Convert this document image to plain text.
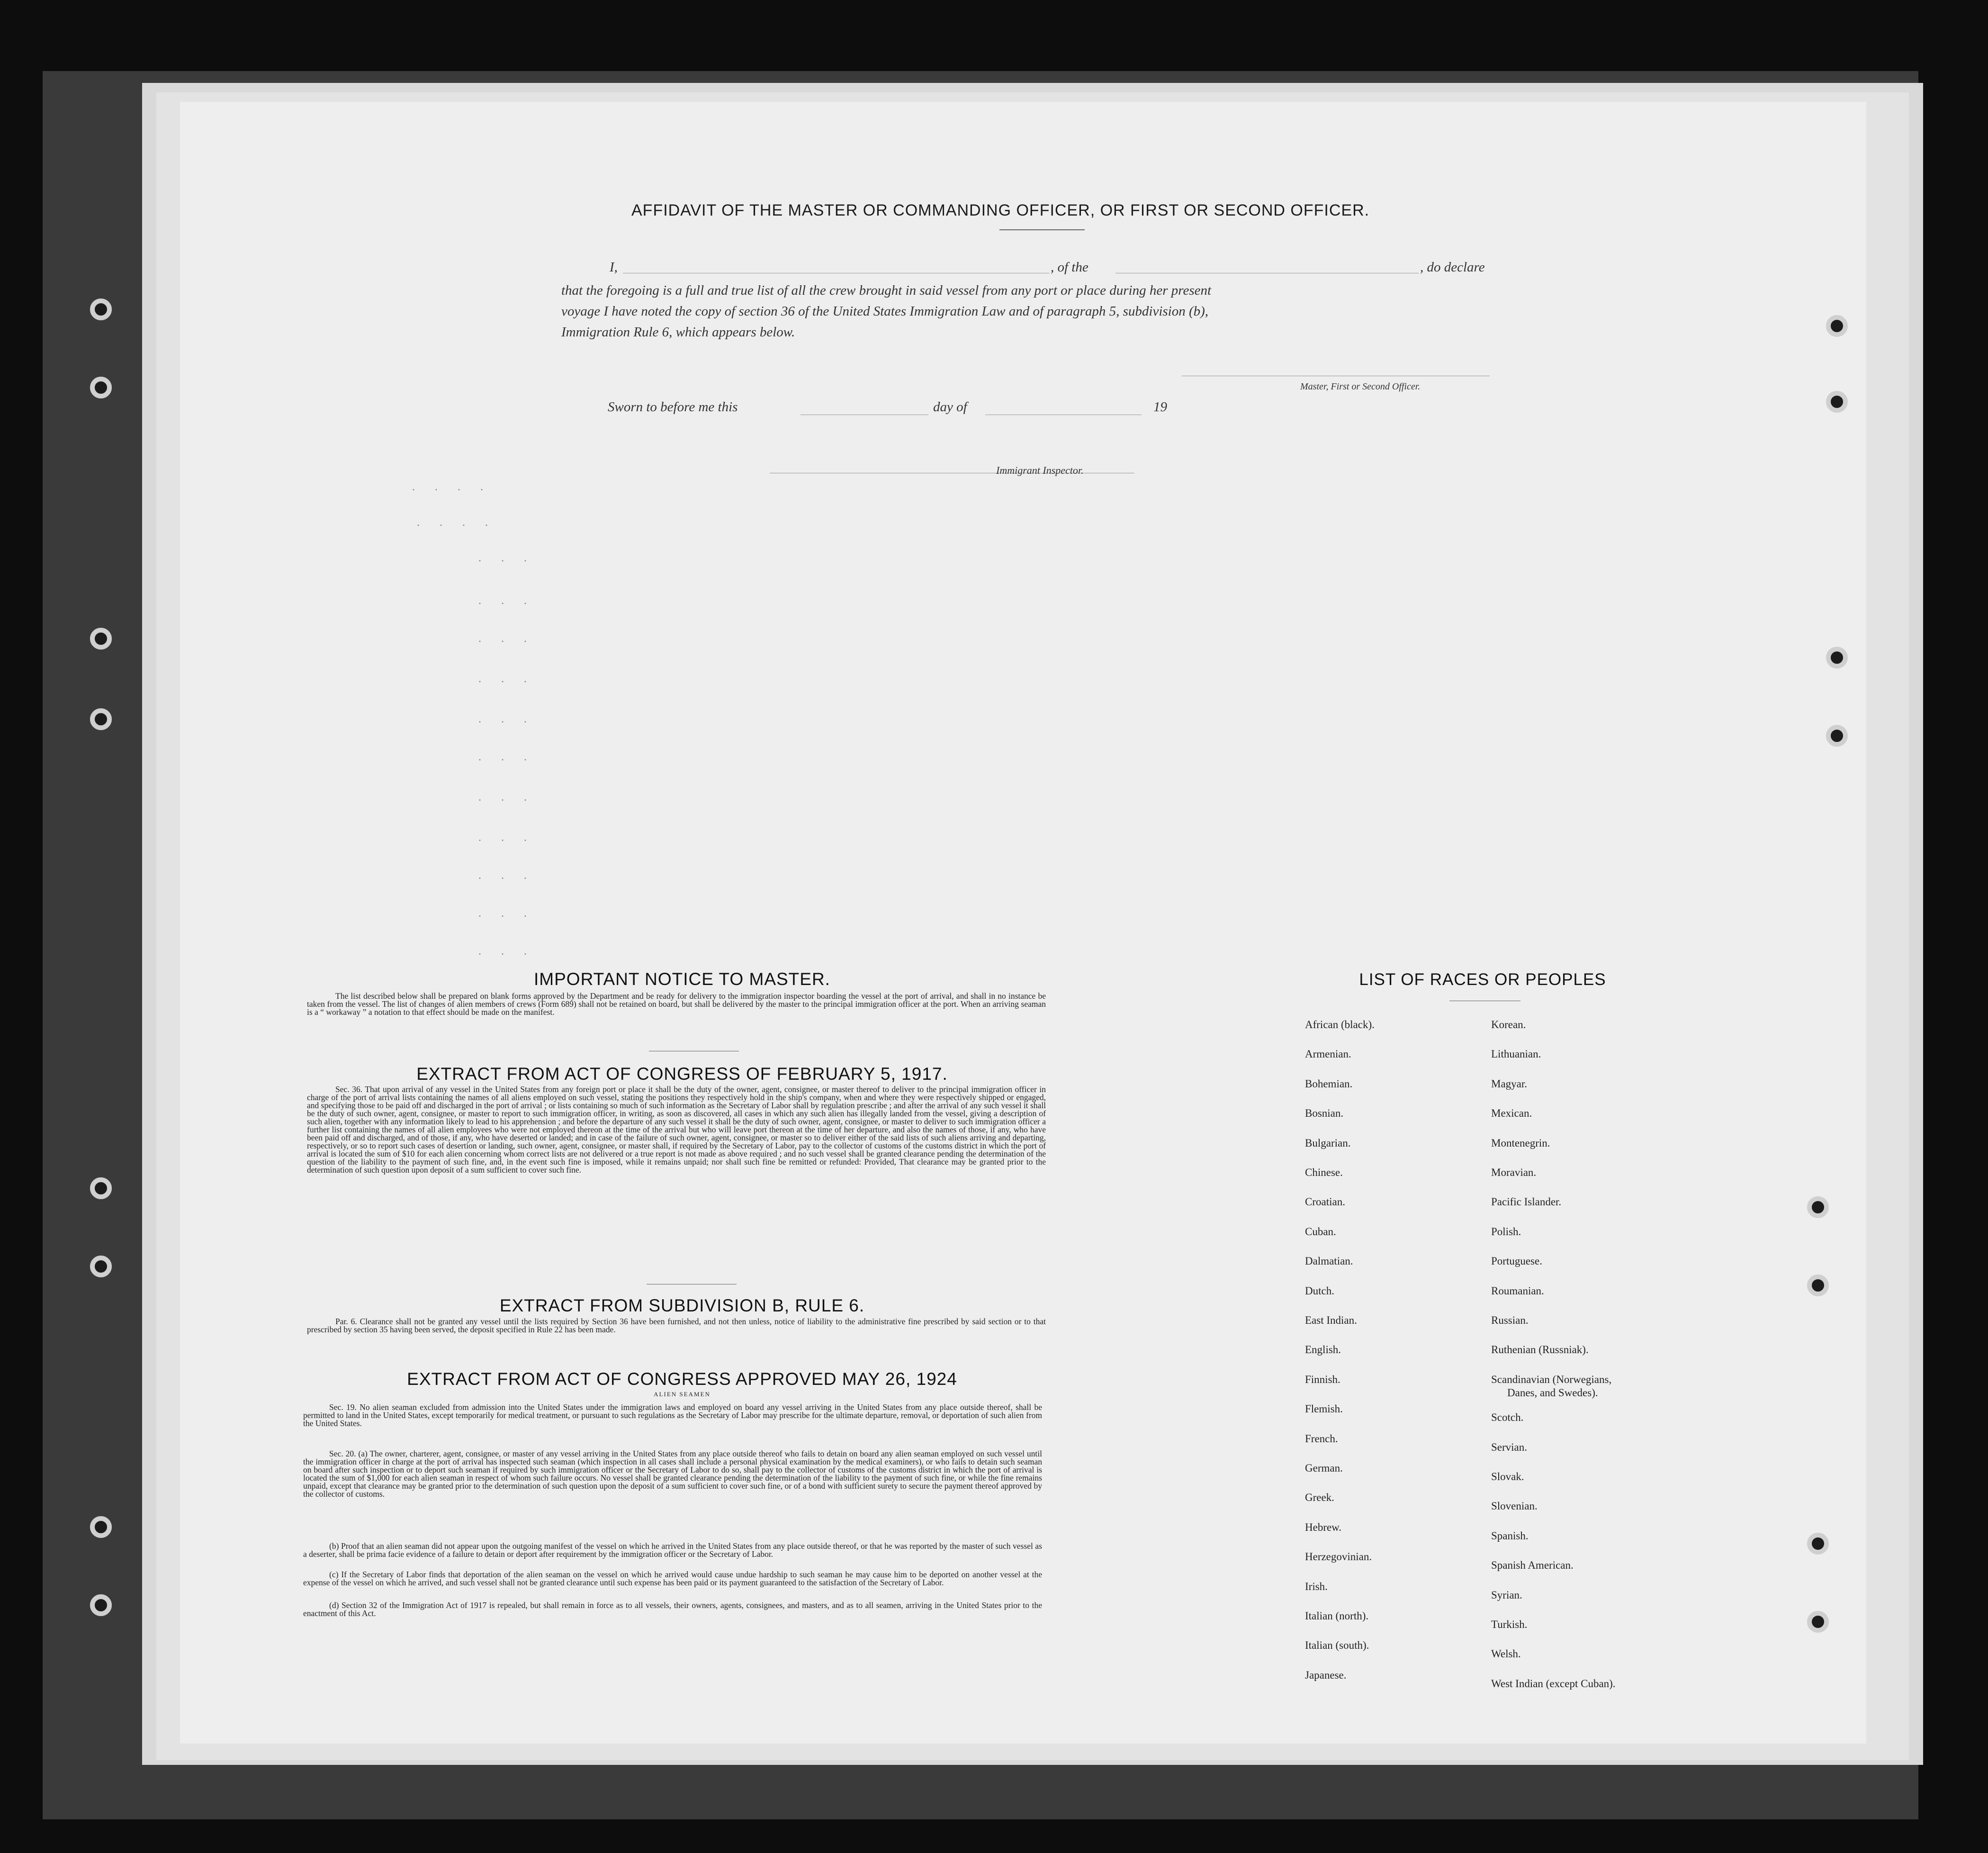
AFFIDAVIT OF THE MASTER OR COMMANDING OFFICER, OR FIRST OR SECOND OFFICER.
I,	, of the	, do declare
that the foregoing is a full and true list of all the crew brought in said vessel from any port or place during her present
voyage I have noted the copy of section 36 of the United States Immigration Law and of paragraph 5, subdivision (b),
Immigration Rule 6, which appears below.
Master, First or Second Officer.
Sworn to before me this	day of	19
Immigrant Inspector.
. . . .
. . . .
. . .
. . .
. . .
. . .
. . .
. . .
. . .
. . .
. . .
. . .
. . .
IMPORTANT NOTICE TO MASTER.
The list described below shall be prepared on blank forms approved by the Department and be ready for delivery to the immigration inspector boarding the vessel at the port of arrival, and shall in no instance be taken from the vessel. The list of changes of alien members of crews (Form 689) shall not be retained on board, but shall be delivered by the master to the principal immigration officer at the port. When an arriving seaman is a “ workaway ” a notation to that effect should be made on the manifest.
EXTRACT FROM ACT OF CONGRESS OF FEBRUARY 5, 1917.
Sec. 36. That upon arrival of any vessel in the United States from any foreign port or place it shall be the duty of the owner, agent, consignee, or master thereof to deliver to the principal immigration officer in charge of the port of arrival lists containing the names of all aliens employed on such vessel, stating the positions they respectively hold in the ship's company, when and where they were respectively shipped or engaged, and specifying those to be paid off and discharged in the port of arrival ; or lists containing so much of such information as the Secretary of Labor shall by regulation prescribe ; and after the arrival of any such vessel it shall be the duty of such owner, agent, consignee, or master to report to such immigration officer, in writing, as soon as discovered, all cases in which any such alien has illegally landed from the vessel, giving a description of such alien, together with any information likely to lead to his apprehension ; and before the departure of any such vessel it shall be the duty of such owner, agent, consignee, or master to deliver to such immigration officer a further list containing the names of all alien employees who were not employed thereon at the time of the arrival but who will leave port thereon at the time of her departure, and also the names of those, if any, who have been paid off and discharged, and of those, if any, who have deserted or landed; and in case of the failure of such owner, agent, consignee, or master so to deliver either of the said lists of such aliens arriving and departing, respectively, or so to report such cases of desertion or landing, such owner, agent, consignee, or master shall, if required by the Secretary of Labor, pay to the collector of customs of the customs district in which the port of arrival is located the sum of $10 for each alien concerning whom correct lists are not delivered or a true report is not made as above required ; and no such vessel shall be granted clearance pending the determination of the question of the liability to the payment of such fine, and, in the event such fine is imposed, while it remains unpaid; nor shall such fine be remitted or refunded: Provided, That clearance may be granted prior to the determination of such question upon deposit of a sum sufficient to cover such fine.
EXTRACT FROM SUBDIVISION B, RULE 6.
Par. 6. Clearance shall not be granted any vessel until the lists required by Section 36 have been furnished, and not then unless, notice of liability to the administrative fine prescribed by said section or to that prescribed by section 35 having been served, the deposit specified in Rule 22 has been made.
EXTRACT FROM ACT OF CONGRESS APPROVED MAY 26, 1924
ALIEN SEAMEN
Sec. 19. No alien seaman excluded from admission into the United States under the immigration laws and employed on board any vessel arriving in the United States from any place outside thereof, shall be permitted to land in the United States, except temporarily for medical treatment, or pursuant to such regulations as the Secretary of Labor may prescribe for the ultimate departure, removal, or deportation of such alien from the United States.
Sec. 20. (a) The owner, charterer, agent, consignee, or master of any vessel arriving in the United States from any place outside thereof who fails to detain on board any alien seaman employed on such vessel until the immigration officer in charge at the port of arrival has inspected such seaman (which inspection in all cases shall include a personal physical examination by the medical examiners), or who fails to detain such seaman on board after such inspection or to deport such seaman if required by such immigration officer or the Secretary of Labor to do so, shall pay to the collector of customs of the customs district in which the port of arrival is located the sum of $1,000 for each alien seaman in respect of whom such failure occurs. No vessel shall be granted clearance pending the determination of the liability to the payment of such fine, or while the fine remains unpaid, except that clearance may be granted prior to the determination of such question upon the deposit of a sum sufficient to cover such fine, or of a bond with sufficient surety to secure the payment thereof approved by the collector of customs.
(b) Proof that an alien seaman did not appear upon the outgoing manifest of the vessel on which he arrived in the United States from any place outside thereof, or that he was reported by the master of such vessel as a deserter, shall be prima facie evidence of a failure to detain or deport after requirement by the immigration officer or the Secretary of Labor.
(c) If the Secretary of Labor finds that deportation of the alien seaman on the vessel on which he arrived would cause undue hardship to such seaman he may cause him to be deported on another vessel at the expense of the vessel on which he arrived, and such vessel shall not be granted clearance until such expense has been paid or its payment guaranteed to the satisfaction of the Secretary of Labor.
(d) Section 32 of the Immigration Act of 1917 is repealed, but shall remain in force as to all vessels, their owners, agents, consignees, and masters, and as to all seamen, arriving in the United States prior to the enactment of this Act.
LIST OF RACES OR PEOPLES
African (black).
Armenian.
Bohemian.
Bosnian.
Bulgarian.
Chinese.
Croatian.
Cuban.
Dalmatian.
Dutch.
East Indian.
English.
Finnish.
Flemish.
French.
German.
Greek.
Hebrew.
Herzegovinian.
Irish.
Italian (north).
Italian (south).
Japanese.
Korean.
Lithuanian.
Magyar.
Mexican.
Montenegrin.
Moravian.
Pacific Islander.
Polish.
Portuguese.
Roumanian.
Russian.
Ruthenian (Russniak).
Scandinavian (Norwegians,
Scotch.
Servian.
Slovak.
Slovenian.
Spanish.
Spanish American.
Syrian.
Turkish.
Welsh.
West Indian (except Cuban).
Danes, and Swedes).
